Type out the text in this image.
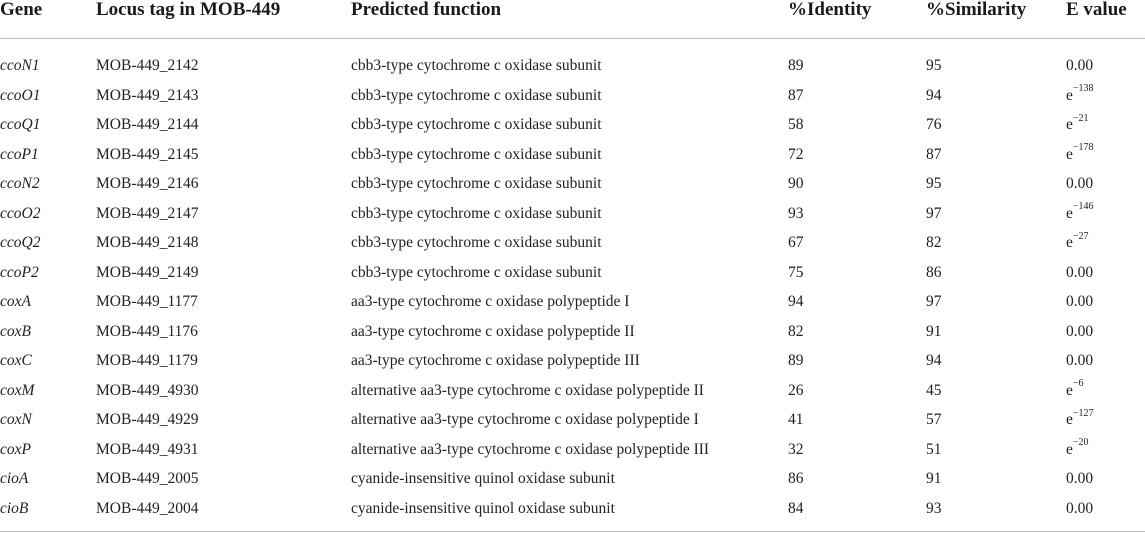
Gene	Locus tag in MOB-449	Predicted function	%Identity	%Similarity	E value
ccoN1	MOB-449_2142	cbb3-type cytochrome c oxidase subunit	89	95	0.00
ccoO1	MOB-449_2143	cbb3-type cytochrome c oxidase subunit	87	94	$e^{-138}$
ccoQ1	MOB-449_2144	cbb3-type cytochrome c oxidase subunit	58	76	$e^{-21}$
ccoP1	MOB-449_2145	cbb3-type cytochrome c oxidase subunit	72	87	$e^{-178}$
ccoN2	MOB-449_2146	cbb3-type cytochrome c oxidase subunit	90	95	0.00
ccoO2	MOB-449_2147	cbb3-type cytochrome c oxidase subunit	93	97	$e^{-146}$
ccoQ2	MOB-449_2148	cbb3-type cytochrome c oxidase subunit	67	82	$e^{-27}$
ccoP2	MOB-449_2149	cbb3-type cytochrome c oxidase subunit	75	86	0.00
coxA	MOB-449_1177	aa3-type cytochrome c oxidase polypeptide I	94	97	0.00
coxB	MOB-449_1176	aa3-type cytochrome c oxidase polypeptide II	82	91	0.00
coxC	MOB-449_1179	aa3-type cytochrome c oxidase polypeptide III	89	94	0.00
coxM	MOB-449_4930	alternative aa3-type cytochrome c oxidase polypeptide II	26	45	$e^{-6}$
coxN	MOB-449_4929	alternative aa3-type cytochrome c oxidase polypeptide I	41	57	$e^{-127}$
coxP	MOB-449_4931	alternative aa3-type cytochrome c oxidase polypeptide III	32	51	$e^{-20}$
cioA	MOB-449_2005	cyanide-insensitive quinol oxidase subunit	86	91	0.00
cioB	MOB-449_2004	cyanide-insensitive quinol oxidase subunit	84	93	0.00
